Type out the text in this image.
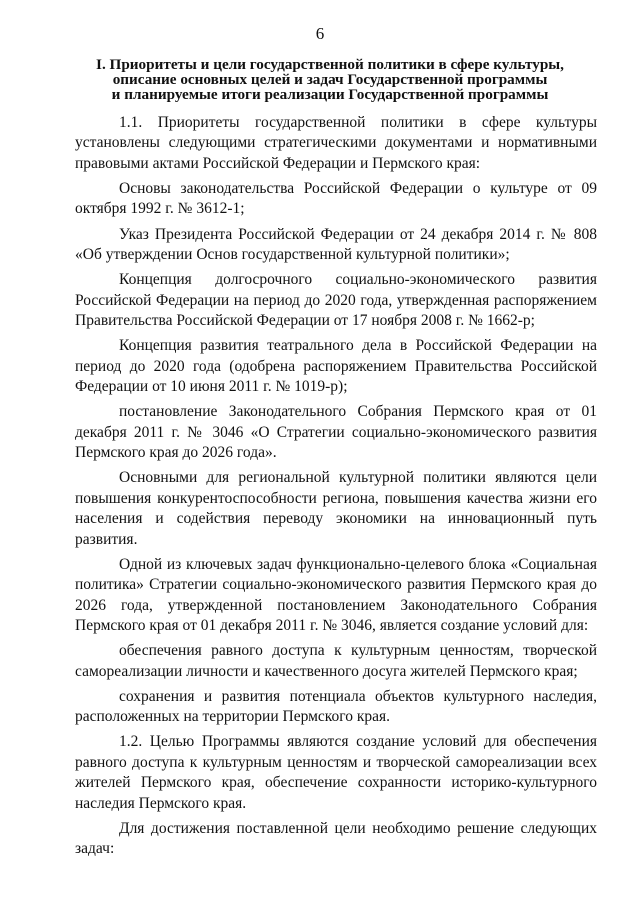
6
I. Приоритеты и цели государственной политики в сфере культуры,
описание основных целей и задач Государственной программы
и планируемые итоги реализации Государственной программы

1.1. Приоритеты государственной политики в сфере культуры установлены следующими стратегическими документами и нормативными правовыми актами Российской Федерации и Пермского края:

Основы законодательства Российской Федерации о культуре от 09 октября 1992 г. № 3612-1;

Указ Президента Российской Федерации от 24 декабря 2014 г. № 808 «Об утверждении Основ государственной культурной политики»;

Концепция долгосрочного социально-экономического развития Российской Федерации на период до 2020 года, утвержденная распоряжением Правительства Российской Федерации от 17 ноября 2008 г. № 1662-р;

Концепция развития театрального дела в Российской Федерации на период до 2020 года (одобрена распоряжением Правительства Российской Федерации от 10 июня 2011 г. № 1019-р);

постановление Законодательного Собрания Пермского края от 01 декабря 2011 г. № 3046 «О Стратегии социально-экономического развития Пермского края до 2026 года».

Основными для региональной культурной политики являются цели повышения конкурентоспособности региона, повышения качества жизни его населения и содействия переводу экономики на инновационный путь развития.

Одной из ключевых задач функционально-целевого блока «Социальная политика» Стратегии социально-экономического развития Пермского края до 2026 года, утвержденной постановлением Законодательного Собрания Пермского края от 01 декабря 2011 г. № 3046, является создание условий для:

обеспечения равного доступа к культурным ценностям, творческой самореализации личности и качественного досуга жителей Пермского края;

сохранения и развития потенциала объектов культурного наследия, расположенных на территории Пермского края.

1.2. Целью Программы являются создание условий для обеспечения равного доступа к культурным ценностям и творческой самореализации всех жителей Пермского края, обеспечение сохранности историко-культурного наследия Пермского края.

Для достижения поставленной цели необходимо решение следующих задач:
